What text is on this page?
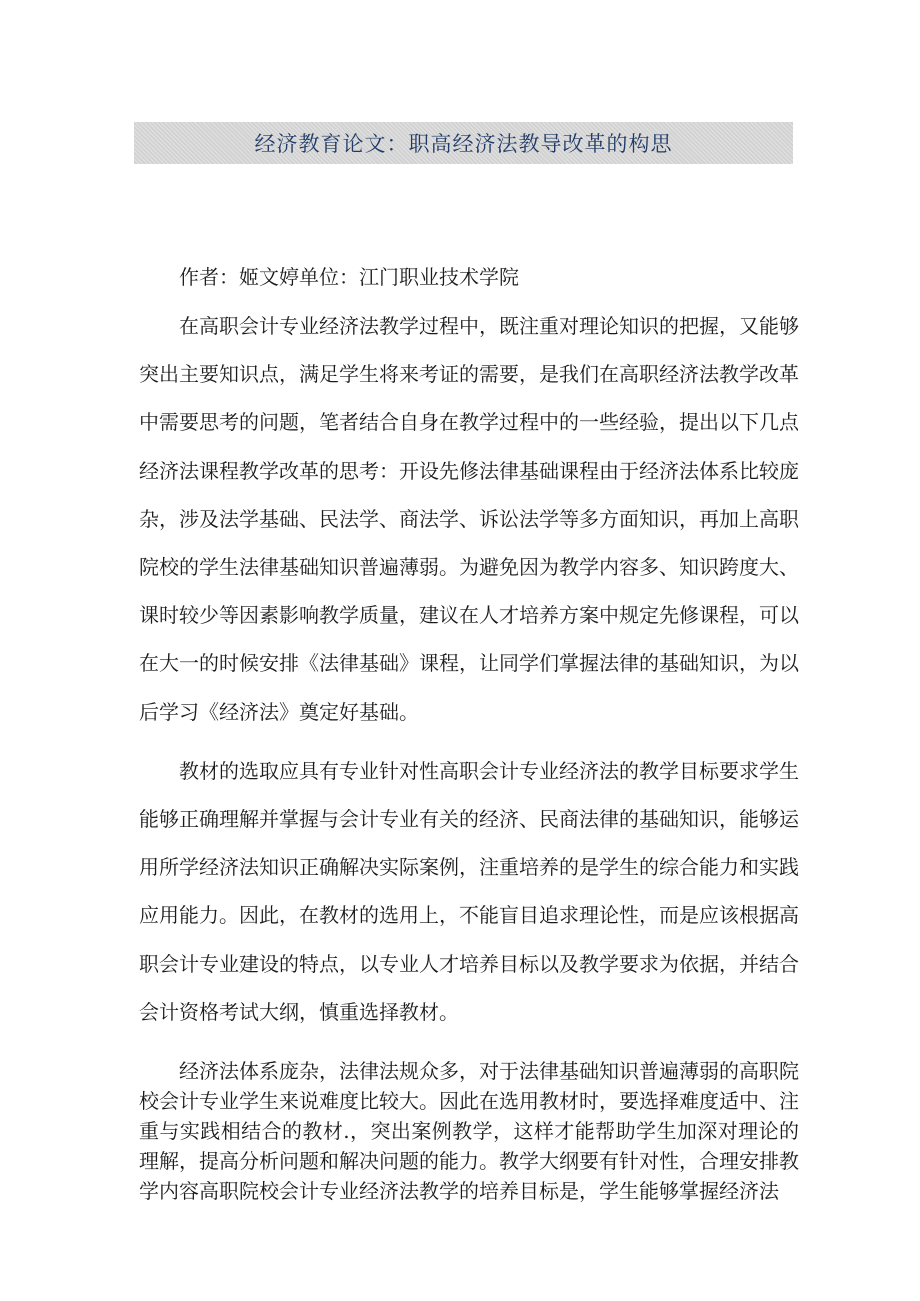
经济教育论文：职高经济法教导改革的构思

作者：姬文婷单位：江门职业技术学院

在高职会计专业经济法教学过程中，既注重对理论知识的把握，又能够突出主要知识点，满足学生将来考证的需要，是我们在高职经济法教学改革中需要思考的问题，笔者结合自身在教学过程中的一些经验，提出以下几点经济法课程教学改革的思考：开设先修法律基础课程由于经济法体系比较庞杂，涉及法学基础、民法学、商法学、诉讼法学等多方面知识，再加上高职院校的学生法律基础知识普遍薄弱。为避免因为教学内容多、知识跨度大、课时较少等因素影响教学质量，建议在人才培养方案中规定先修课程，可以在大一的时候安排《法律基础》课程，让同学们掌握法律的基础知识，为以后学习《经济法》奠定好基础。

教材的选取应具有专业针对性高职会计专业经济法的教学目标要求学生能够正确理解并掌握与会计专业有关的经济、民商法律的基础知识，能够运用所学经济法知识正确解决实际案例，注重培养的是学生的综合能力和实践应用能力。因此，在教材的选用上，不能盲目追求理论性，而是应该根据高职会计专业建设的特点，以专业人才培养目标以及教学要求为依据，并结合会计资格考试大纲，慎重选择教材。

经济法体系庞杂，法律法规众多，对于法律基础知识普遍薄弱的高职院校会计专业学生来说难度比较大。因此在选用教材时，要选择难度适中、注重与实践相结合的教材.，突出案例教学，这样才能帮助学生加深对理论的理解，提高分析问题和解决问题的能力。教学大纲要有针对性，合理安排教学内容高职院校会计专业经济法教学的培养目标是，学生能够掌握经济法
